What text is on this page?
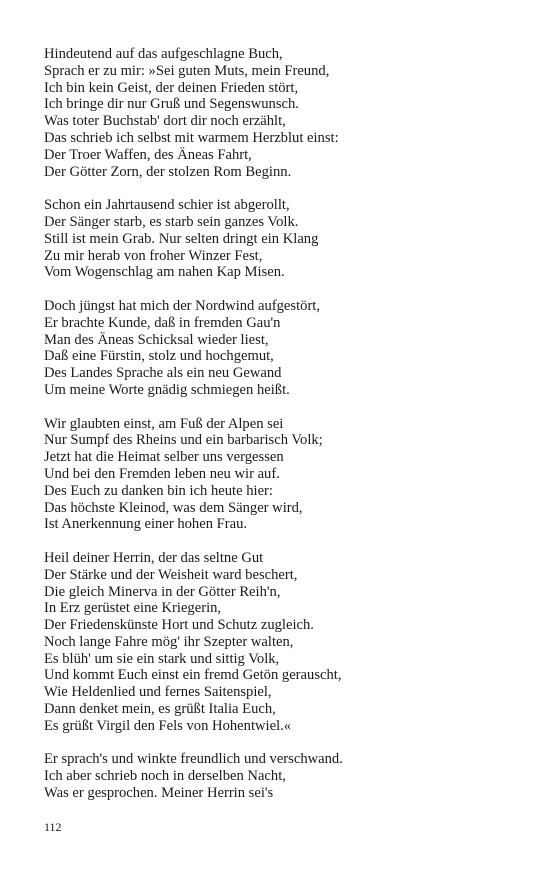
Hindeutend auf das aufgeschlagne Buch,
Sprach er zu mir: »Sei guten Muts, mein Freund,
Ich bin kein Geist, der deinen Frieden stört,
Ich bringe dir nur Gruß und Segenswunsch.
Was toter Buchstab' dort dir noch erzählt,
Das schrieb ich selbst mit warmem Herzblut einst:
Der Troer Waffen, des Äneas Fahrt,
Der Götter Zorn, der stolzen Rom Beginn.
Schon ein Jahrtausend schier ist abgerollt,
Der Sänger starb, es starb sein ganzes Volk.
Still ist mein Grab. Nur selten dringt ein Klang
Zu mir herab von froher Winzer Fest,
Vom Wogenschlag am nahen Kap Misen.
Doch jüngst hat mich der Nordwind aufgestört,
Er brachte Kunde, daß in fremden Gau'n
Man des Äneas Schicksal wieder liest,
Daß eine Fürstin, stolz und hochgemut,
Des Landes Sprache als ein neu Gewand
Um meine Worte gnädig schmiegen heißt.
Wir glaubten einst, am Fuß der Alpen sei
Nur Sumpf des Rheins und ein barbarisch Volk;
Jetzt hat die Heimat selber uns vergessen
Und bei den Fremden leben neu wir auf.
Des Euch zu danken bin ich heute hier:
Das höchste Kleinod, was dem Sänger wird,
Ist Anerkennung einer hohen Frau.
Heil deiner Herrin, der das seltne Gut
Der Stärke und der Weisheit ward beschert,
Die gleich Minerva in der Götter Reih'n,
In Erz gerüstet eine Kriegerin,
Der Friedenskünste Hort und Schutz zugleich.
Noch lange Fahre mög' ihr Szepter walten,
Es blüh' um sie ein stark und sittig Volk,
Und kommt Euch einst ein fremd Getön gerauscht,
Wie Heldenlied und fernes Saitenspiel,
Dann denket mein, es grüßt Italia Euch,
Es grüßt Virgil den Fels von Hohentwiel.«
Er sprach's und winkte freundlich und verschwand.
Ich aber schrieb noch in derselben Nacht,
Was er gesprochen. Meiner Herrin sei's
112
